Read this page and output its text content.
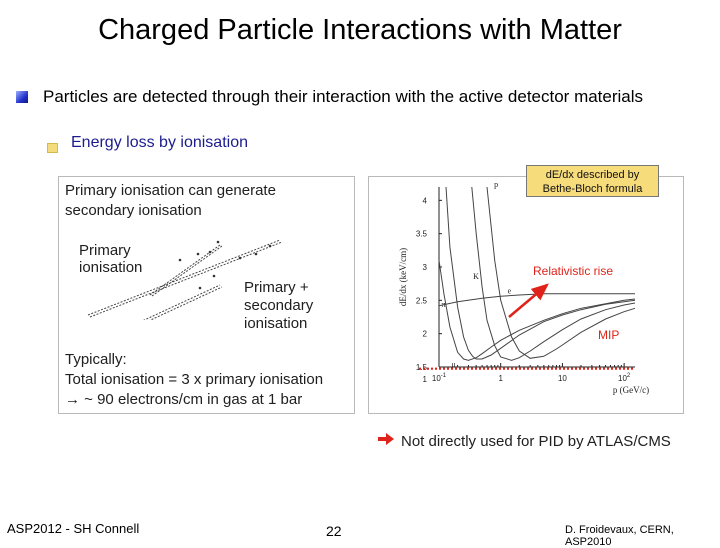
Charged Particle Interactions with Matter
Particles are detected through their interaction with the active detector materials
Energy loss by ionisation
Primary ionisation can generate
secondary ionisation
Primary
ionisation
Primary +
secondary
ionisation
Typically:
Total ionisation = 3 x primary ionisation
→ ~ 90 electrons/cm in gas at 1 bar
1
1.5
2
2.5
3
3.5
4
$10^{-1}$	1	10	$10^2$
p (GeV/c)
dE/dx (keV/cm)
μ
π
K
p
e
dE/dx described by
Bethe-Bloch formula
Relativistic rise
MIP
Not directly used for PID by ATLAS/CMS
ASP2012 - SH Connell	22	D. Froidevaux, CERN, ASP2010
